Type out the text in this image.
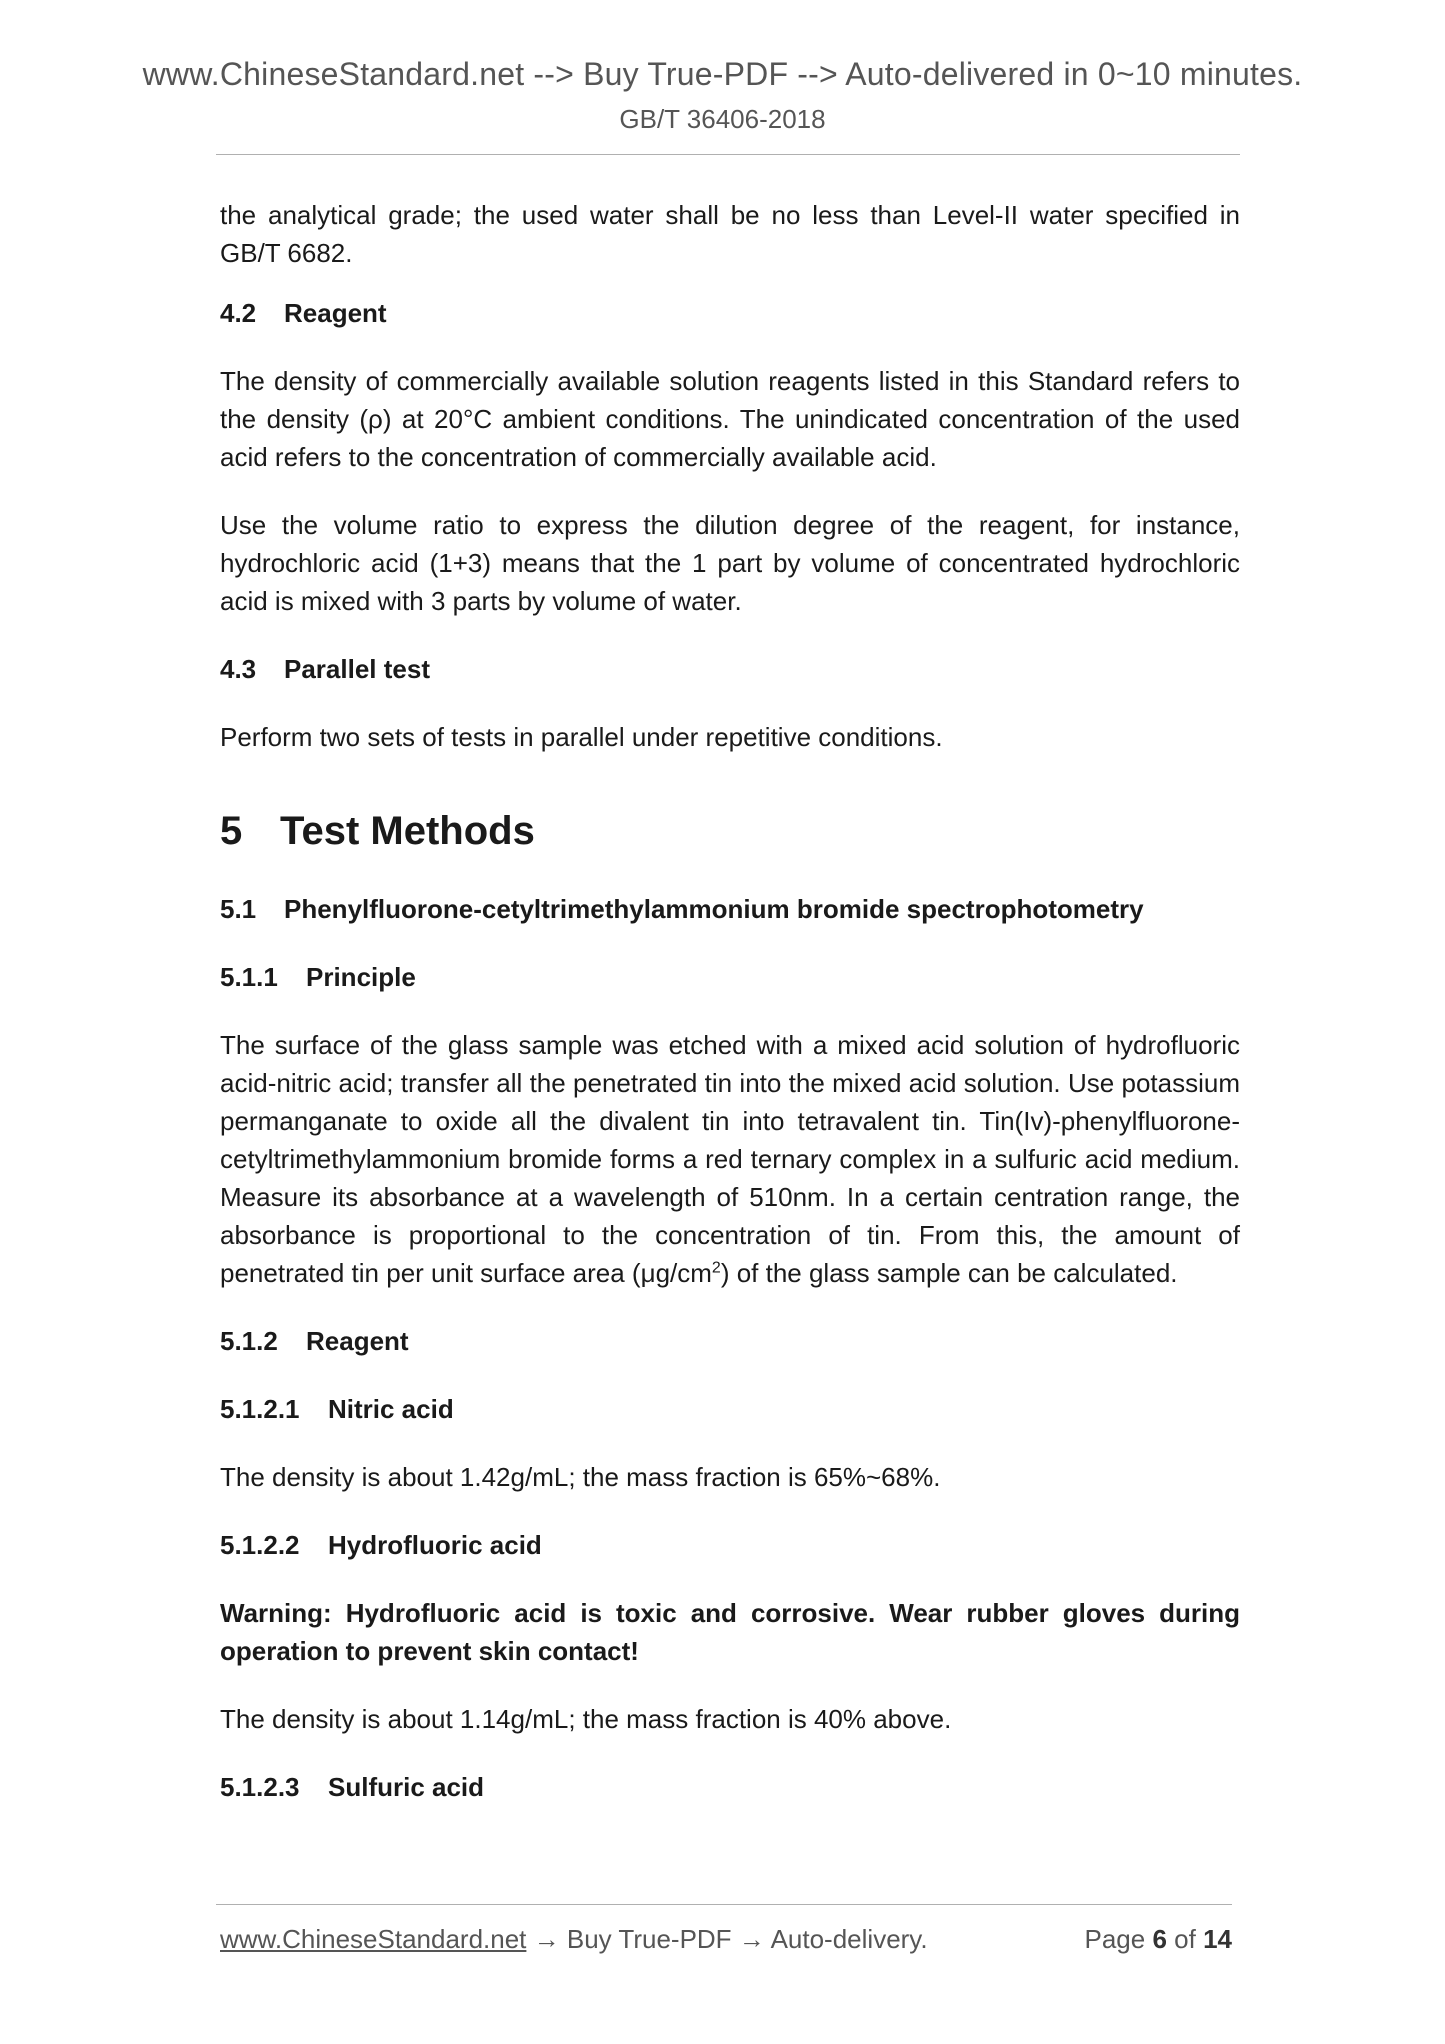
www.ChineseStandard.net --> Buy True-PDF --> Auto-delivered in 0~10 minutes.
GB/T 36406-2018

the analytical grade; the used water shall be no less than Level-II water specified in GB/T 6682.

4.2 Reagent

The density of commercially available solution reagents listed in this Standard refers to the density (ρ) at 20°C ambient conditions. The unindicated concentration of the used acid refers to the concentration of commercially available acid.

Use the volume ratio to express the dilution degree of the reagent, for instance, hydrochloric acid (1+3) means that the 1 part by volume of concentrated hydrochloric acid is mixed with 3 parts by volume of water.

4.3 Parallel test

Perform two sets of tests in parallel under repetitive conditions.

5 Test Methods

5.1 Phenylfluorone-cetyltrimethylammonium bromide spectrophotometry

5.1.1 Principle

The surface of the glass sample was etched with a mixed acid solution of hydrofluoric acid-nitric acid; transfer all the penetrated tin into the mixed acid solution. Use potassium permanganate to oxide all the divalent tin into tetravalent tin. Tin(Iv)-phenylfluorone-cetyltrimethylammonium bromide forms a red ternary complex in a sulfuric acid medium. Measure its absorbance at a wavelength of 510nm. In a certain centration range, the absorbance is proportional to the concentration of tin. From this, the amount of penetrated tin per unit surface area $(\mu g/cm^2)$ of the glass sample can be calculated.

5.1.2 Reagent

5.1.2.1 Nitric acid

The density is about 1.42g/mL; the mass fraction is 65%~68%.

5.1.2.2 Hydrofluoric acid

Warning: Hydrofluoric acid is toxic and corrosive. Wear rubber gloves during operation to prevent skin contact!

The density is about 1.14g/mL; the mass fraction is 40% above.

5.1.2.3 Sulfuric acid

www.ChineseStandard.net → Buy True-PDF → Auto-delivery.	Page 6 of 14
